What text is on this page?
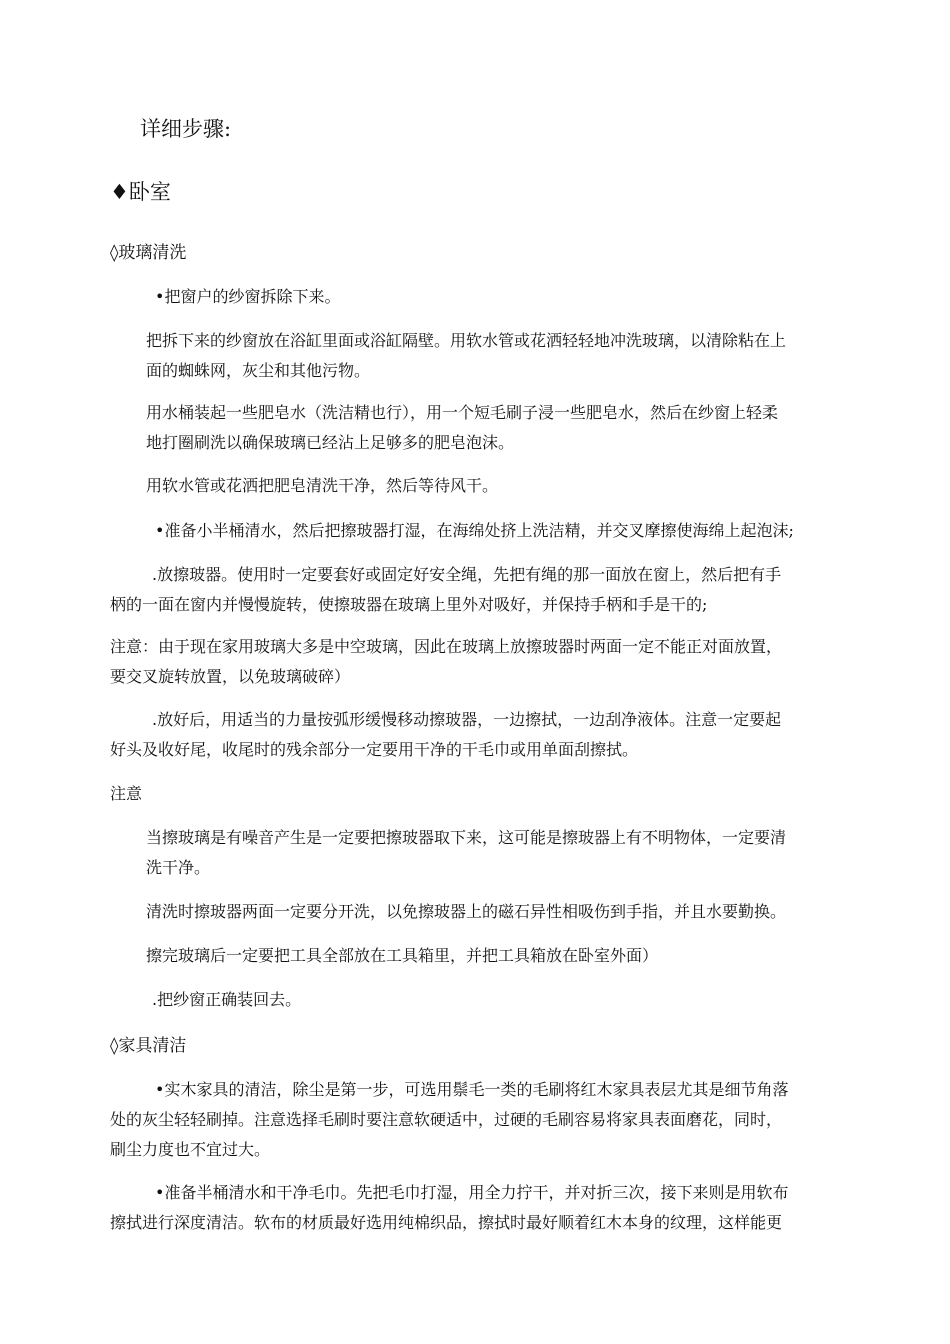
详细步骤:
♦卧室
◊玻璃清洗
•把窗户的纱窗拆除下来。
把拆下来的纱窗放在浴缸里面或浴缸隔壁。用软水管或花洒轻轻地冲洗玻璃，以清除粘在上
面的蜘蛛网，灰尘和其他污物。
用水桶装起一些肥皂水（洗洁精也行），用一个短毛刷子浸一些肥皂水，然后在纱窗上轻柔
地打圈刷洗以确保玻璃已经沾上足够多的肥皂泡沫。
用软水管或花洒把肥皂清洗干净，然后等待风干。
•准备小半桶清水，然后把擦玻器打湿，在海绵处挤上洗洁精，并交叉摩擦使海绵上起泡沫;
.放擦玻器。使用时一定要套好或固定好安全绳，先把有绳的那一面放在窗上，然后把有手
柄的一面在窗内并慢慢旋转，使擦玻器在玻璃上里外对吸好，并保持手柄和手是干的;
注意：由于现在家用玻璃大多是中空玻璃，因此在玻璃上放擦玻器时两面一定不能正对面放置，
要交叉旋转放置，以免玻璃破碎）
.放好后，用适当的力量按弧形缓慢移动擦玻器，一边擦拭，一边刮净液体。注意一定要起
好头及收好尾，收尾时的残余部分一定要用干净的干毛巾或用单面刮擦拭。
注意
当擦玻璃是有噪音产生是一定要把擦玻器取下来，这可能是擦玻器上有不明物体，一定要清
洗干净。
清洗时擦玻器两面一定要分开洗，以免擦玻器上的磁石异性相吸伤到手指，并且水要勤换。
擦完玻璃后一定要把工具全部放在工具箱里，并把工具箱放在卧室外面）
.把纱窗正确装回去。
◊家具清洁
•实木家具的清洁，除尘是第一步，可选用鬃毛一类的毛刷将红木家具表层尤其是细节角落
处的灰尘轻轻刷掉。注意选择毛刷时要注意软硬适中，过硬的毛刷容易将家具表面磨花，同时，
刷尘力度也不宜过大。
•准备半桶清水和干净毛巾。先把毛巾打湿，用全力拧干，并对折三次，接下来则是用软布
擦拭进行深度清洁。软布的材质最好选用纯棉织品，擦拭时最好顺着红木本身的纹理，这样能更
